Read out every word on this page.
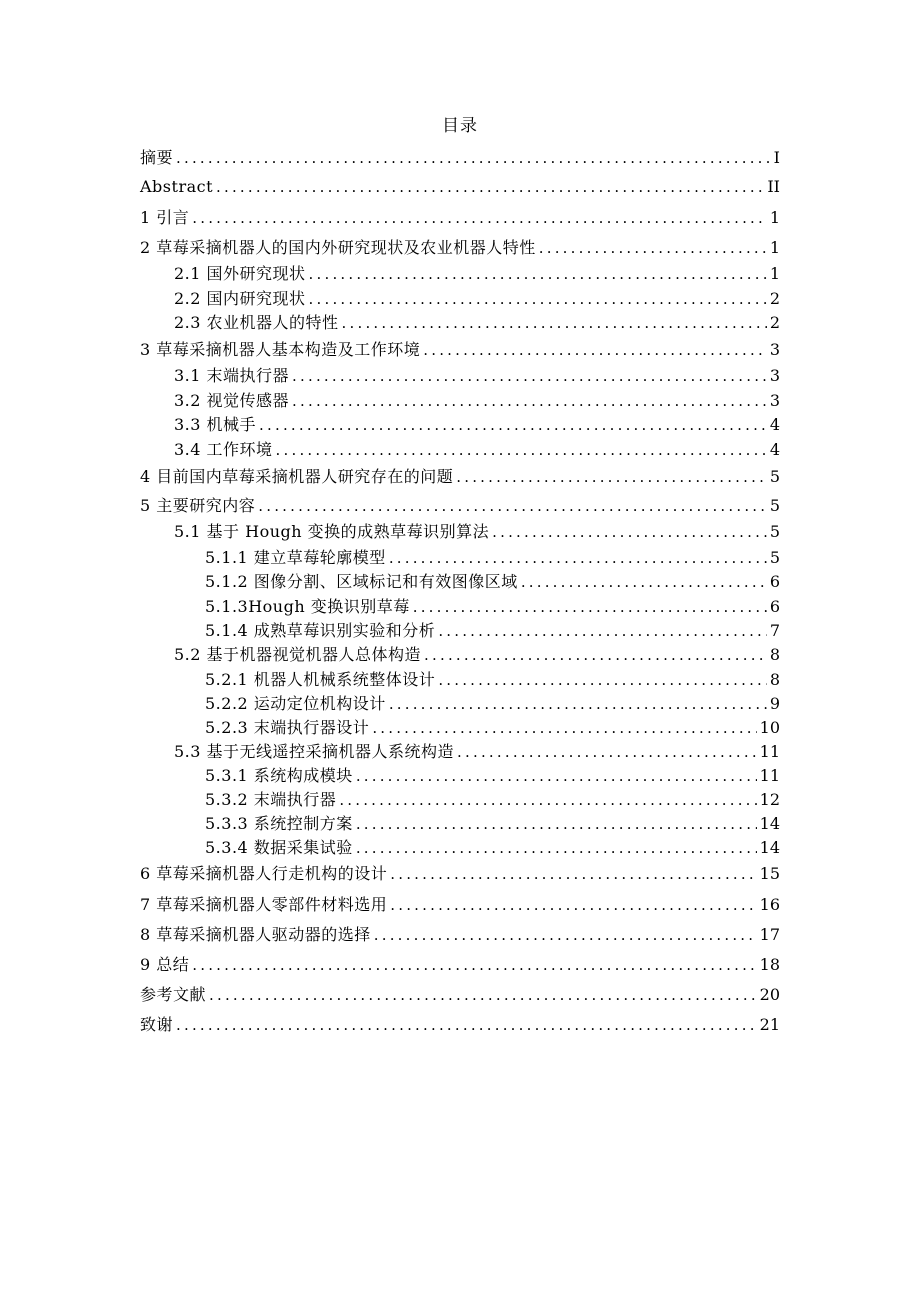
目录
摘要 .....	I
Abstract .....	II
1 引言 .....	1
2 草莓采摘机器人的国内外研究现状及农业机器人特性 .....	1
2.1 国外研究现状 .....	1
2.2 国内研究现状 .....	2
2.3 农业机器人的特性 .....	2
3 草莓采摘机器人基本构造及工作环境 .....	3
3.1 末端执行器 .....	3
3.2 视觉传感器 .....	3
3.3 机械手 .....	4
3.4 工作环境 .....	4
4 目前国内草莓采摘机器人研究存在的问题 .....	5
5 主要研究内容 .....	5
5.1 基于 Hough 变换的成熟草莓识别算法 .....	5
5.1.1 建立草莓轮廓模型 .....	5
5.1.2 图像分割、区域标记和有效图像区域 .....	6
5.1.3Hough 变换识别草莓 .....	6
5.1.4 成熟草莓识别实验和分析 .....	7
5.2 基于机器视觉机器人总体构造 .....	8
5.2.1 机器人机械系统整体设计 .....	8
5.2.2 运动定位机构设计 .....	9
5.2.3 末端执行器设计 .....	10
5.3 基于无线遥控采摘机器人系统构造 .....	11
5.3.1 系统构成模块 .....	11
5.3.2 末端执行器 .....	12
5.3.3 系统控制方案 .....	14
5.3.4 数据采集试验 .....	14
6 草莓采摘机器人行走机构的设计 .....	15
7 草莓采摘机器人零部件材料选用 .....	16
8 草莓采摘机器人驱动器的选择 .....	17
9 总结 .....	18
参考文献 .....	20
致谢 .....	21
